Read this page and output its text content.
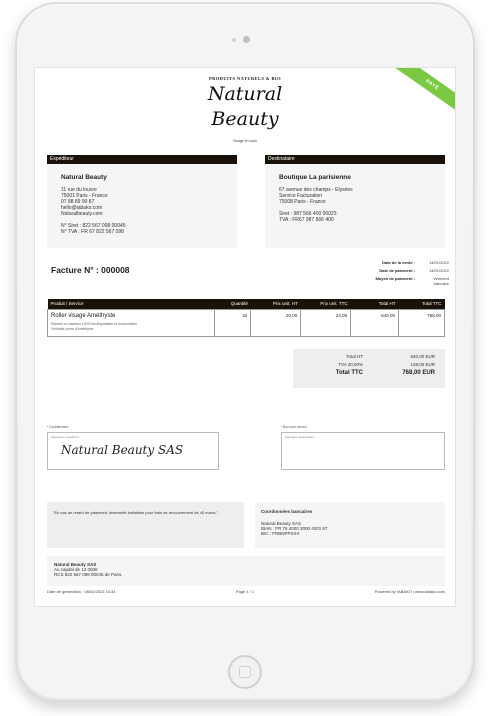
PAYÉ
PRODUITS NATURELS & BIO
Natural
Beauty
Visage et corps
Expéditeur
Natural Beauty
11 rue du louvre
75001 Paris - France
07 88 89 90 87
hello@iabako.com
Naturalbeauty.com
N° Siret : 822 567 098 00045
N° TVA : FR 67 822 567 098
Destinataire
Boutique La parisienne
67 avenue des champs - Elysées
Service Facturation
75008 Paris - France
Siret : 987 566 400 00023
TVA : FR67 987 566 400
Facture N° : 000008
Date de la vente :	14/01/2022
Date de paiement :	14/01/2022
Moyen de paiement :	Virement bancaire
Produit / Service	Quantité	Prix unit. HT	Prix unit. TTC	Total HT	Total TTC

Roller visage Améthyste
Manche en bambou 100% biodégradable et compostable
Véritable pierre d'Améthyste	32	20,00	24,00	640,00	768,00
Total HT	640,00 EUR
TVA 20,00%	128,00 EUR
Total TTC	768,00 EUR
* Cordialement,
Signature expéditeur :
Natural Beauty SAS
* Bon pour accord
Signature destinataire :
"En cas de retard de paiement, indemnité forfaitaire pour frais de recouvrement de 40 euros."	Coordonnées bancaires
Natural Beauty SAS
IBAN : FR 76 4000 3000 4001 67
BIC : FRBNPPXXX
Natural Beauty SAS
Au capital de 12 000€
RCS 822 567 098 00045 de Paris.
Date de génération : 08/02/2022 15:34	Page 1 / 1	Powered by IABAKO | www.iabako.com
